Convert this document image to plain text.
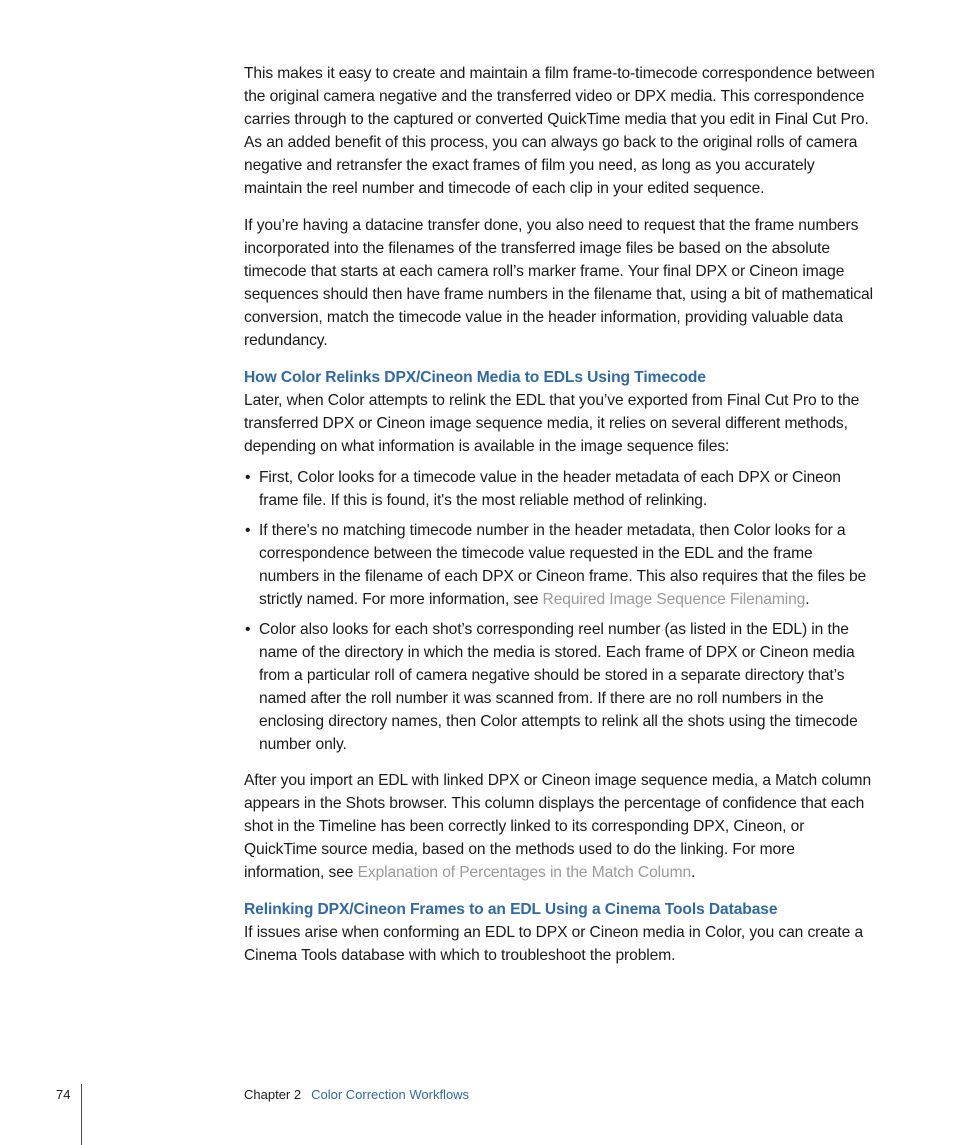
This makes it easy to create and maintain a film frame-to-timecode correspondence between the original camera negative and the transferred video or DPX media. This correspondence carries through to the captured or converted QuickTime media that you edit in Final Cut Pro. As an added benefit of this process, you can always go back to the original rolls of camera negative and retransfer the exact frames of film you need, as long as you accurately maintain the reel number and timecode of each clip in your edited sequence.

If you’re having a datacine transfer done, you also need to request that the frame numbers incorporated into the filenames of the transferred image files be based on the absolute timecode that starts at each camera roll’s marker frame. Your final DPX or Cineon image sequences should then have frame numbers in the filename that, using a bit of mathematical conversion, match the timecode value in the header information, providing valuable data redundancy.

How Color Relinks DPX/Cineon Media to EDLs Using Timecode

Later, when Color attempts to relink the EDL that you’ve exported from Final Cut Pro to the transferred DPX or Cineon image sequence media, it relies on several different methods, depending on what information is available in the image sequence files:

• First, Color looks for a timecode value in the header metadata of each DPX or Cineon frame file. If this is found, it's the most reliable method of relinking.
• If there's no matching timecode number in the header metadata, then Color looks for a correspondence between the timecode value requested in the EDL and the frame numbers in the filename of each DPX or Cineon frame. This also requires that the files be strictly named. For more information, see Required Image Sequence Filenaming.
• Color also looks for each shot’s corresponding reel number (as listed in the EDL) in the name of the directory in which the media is stored. Each frame of DPX or Cineon media from a particular roll of camera negative should be stored in a separate directory that’s named after the roll number it was scanned from. If there are no roll numbers in the enclosing directory names, then Color attempts to relink all the shots using the timecode number only.

After you import an EDL with linked DPX or Cineon image sequence media, a Match column appears in the Shots browser. This column displays the percentage of confidence that each shot in the Timeline has been correctly linked to its corresponding DPX, Cineon, or QuickTime source media, based on the methods used to do the linking. For more information, see Explanation of Percentages in the Match Column.

Relinking DPX/Cineon Frames to an EDL Using a Cinema Tools Database

If issues arise when conforming an EDL to DPX or Cineon media in Color, you can create a Cinema Tools database with which to troubleshoot the problem.

74	Chapter 2 Color Correction Workflows
